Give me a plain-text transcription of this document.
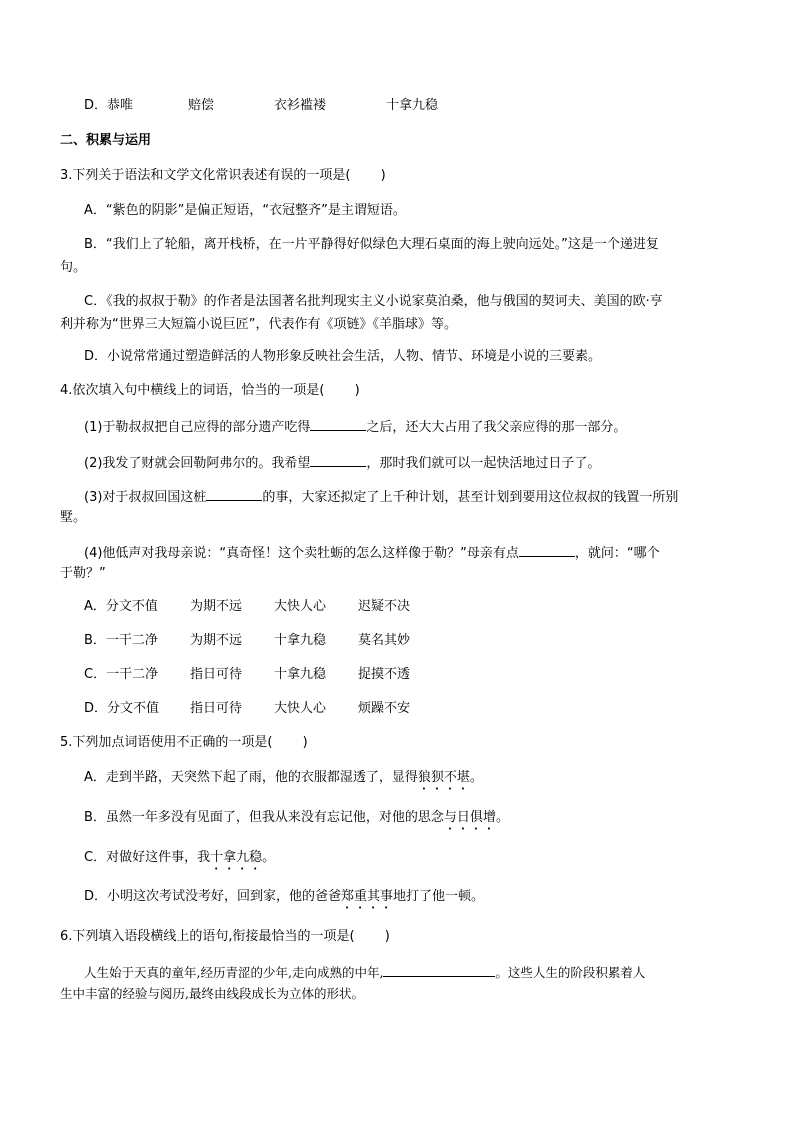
D．恭唯	赔偿	衣衫褴褛	十拿九稳
二、积累与运用
3.下列关于语法和文学文化常识表述有误的一项是(　　 )
A．“紫色的阴影”是偏正短语，“衣冠整齐”是主谓短语。
B．“我们上了轮船，离开栈桥，在一片平静得好似绿色大理石桌面的海上驶向远处。”这是一个递进复
句。
C．《我的叔叔于勒》的作者是法国著名批判现实主义小说家莫泊桑，他与俄国的契诃夫、美国的欧·亨
利并称为“世界三大短篇小说巨匠”，代表作有《项链》《羊脂球》等。
D．小说常常通过塑造鲜活的人物形象反映社会生活，人物、情节、环境是小说的三要素。
4.依次填入句中横线上的词语，恰当的一项是(　　 )
(1)于勒叔叔把自己应得的部分遗产吃得	之后，还大大占用了我父亲应得的那一部分。
(2)我发了财就会回勒阿弗尔的。我希望	，那时我们就可以一起快活地过日子了。
(3)对于叔叔回国这桩	的事，大家还拟定了上千种计划，甚至计划到要用这位叔叔的钱置一所别
墅。
(4)他低声对我母亲说：“真奇怪！这个卖牡蛎的怎么这样像于勒？”母亲有点	，就问：“哪个
于勒？”
A．分文不值 为期不远 大快人心 迟疑不决
B．一干二净 为期不远 十拿九稳 莫名其妙
C．一干二净 指日可待 十拿九稳 捉摸不透
D．分文不值 指日可待 大快人心 烦躁不安
5.下列加点词语使用不正确的一项是(　　 )
A．走到半路，天突然下起了雨，他的衣服都湿透了，显得狼狈不堪。
B．虽然一年多没有见面了，但我从来没有忘记他，对他的思念与日俱增。
C．对做好这件事，我十拿九稳。
D．小明这次考试没考好，回到家，他的爸爸郑重其事地打了他一顿。
6.下列填入语段横线上的语句,衔接最恰当的一项是(　　 )
人生始于天真的童年,经历青涩的少年,走向成熟的中年,	。这些人生的阶段积累着人
生中丰富的经验与阅历,最终由线段成长为立体的形状。
